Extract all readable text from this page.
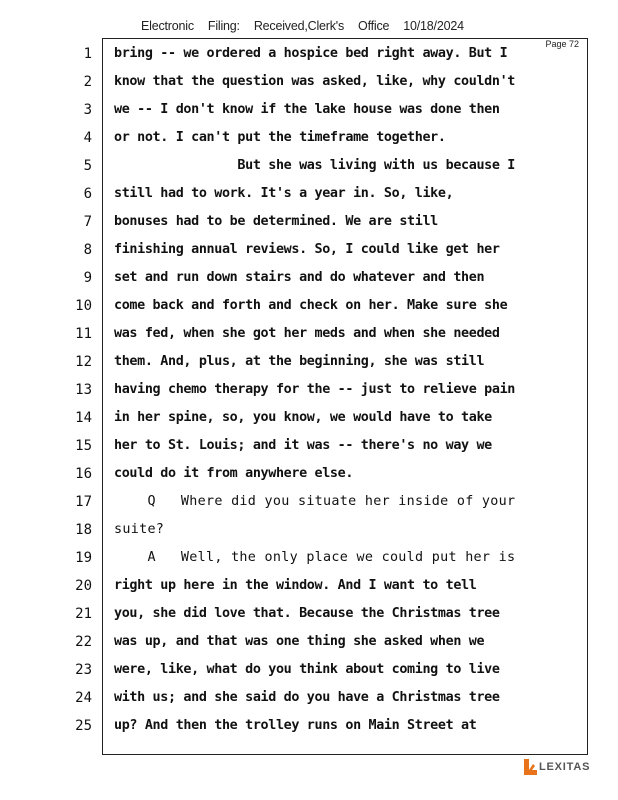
Electronic Filing: Received,Clerk's Office 10/18/2024
Page 72
1 bring -- we ordered a hospice bed right away. But I
2 know that the question was asked, like, why couldn't
3 we -- I don't know if the lake house was done then
4 or not. I can't put the timeframe together.
5 But she was living with us because I
6 still had to work. It's a year in. So, like,
7 bonuses had to be determined. We are still
8 finishing annual reviews. So, I could like get her
9 set and run down stairs and do whatever and then
10 come back and forth and check on her. Make sure she
11 was fed, when she got her meds and when she needed
12 them. And, plus, at the beginning, she was still
13 having chemo therapy for the -- just to relieve pain
14 in her spine, so, you know, we would have to take
15 her to St. Louis; and it was -- there's no way we
16 could do it from anywhere else.
17 Q   Where did you situate her inside of your
18 suite?
19 A   Well, the only place we could put her is
20 right up here in the window. And I want to tell
21 you, she did love that. Because the Christmas tree
22 was up, and that was one thing she asked when we
23 were, like, what do you think about coming to live
24 with us; and she said do you have a Christmas tree
25 up? And then the trolley runs on Main Street at
LEXITAS
